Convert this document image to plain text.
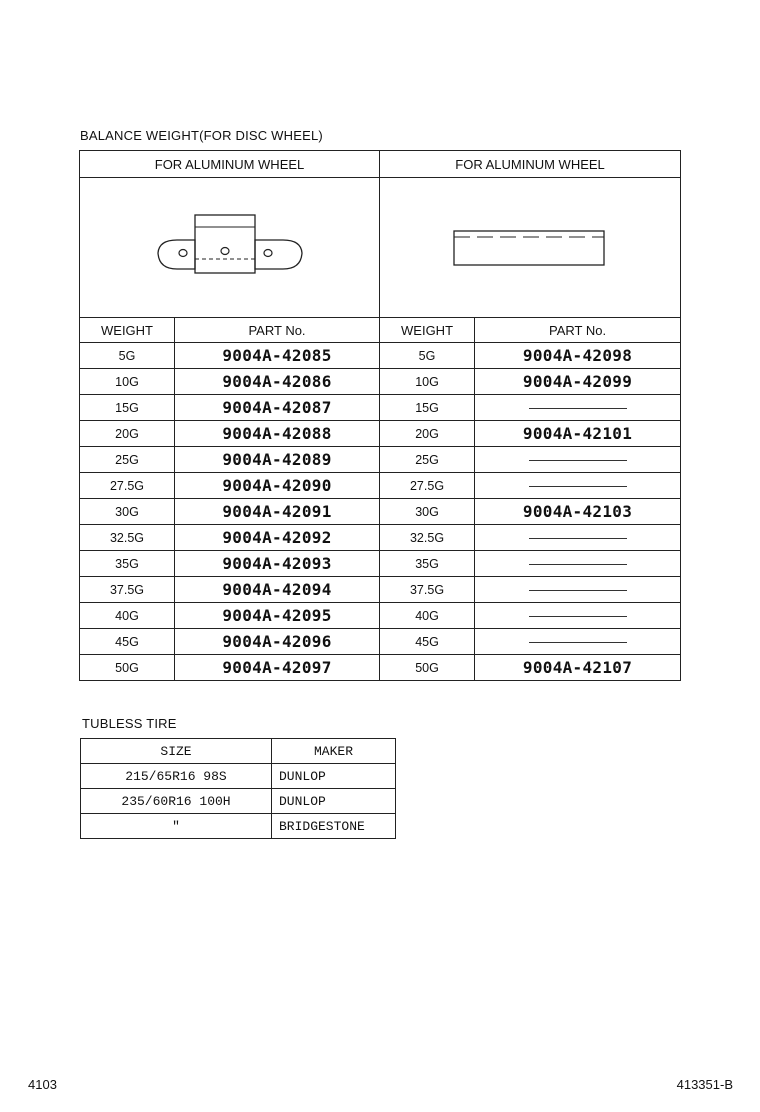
BALANCE WEIGHT(FOR DISC WHEEL)
FOR ALUMINUM WHEEL		FOR ALUMINUM WHEEL	

WEIGHT	PART No.	WEIGHT	PART No.
5G	9004A-42085	5G	9004A-42098
10G	9004A-42086	10G	9004A-42099
15G	9004A-42087	15G	
20G	9004A-42088	20G	9004A-42101
25G	9004A-42089	25G	
27.5G	9004A-42090	27.5G	
30G	9004A-42091	30G	9004A-42103
32.5G	9004A-42092	32.5G	
35G	9004A-42093	35G	
37.5G	9004A-42094	37.5G	
40G	9004A-42095	40G	
45G	9004A-42096	45G	
50G	9004A-42097	50G	9004A-42107
TUBLESS TIRE
SIZE	MAKER
215/65R16 98S	DUNLOP
235/60R16 100H	DUNLOP
″	BRIDGESTONE
4103	413351-B
